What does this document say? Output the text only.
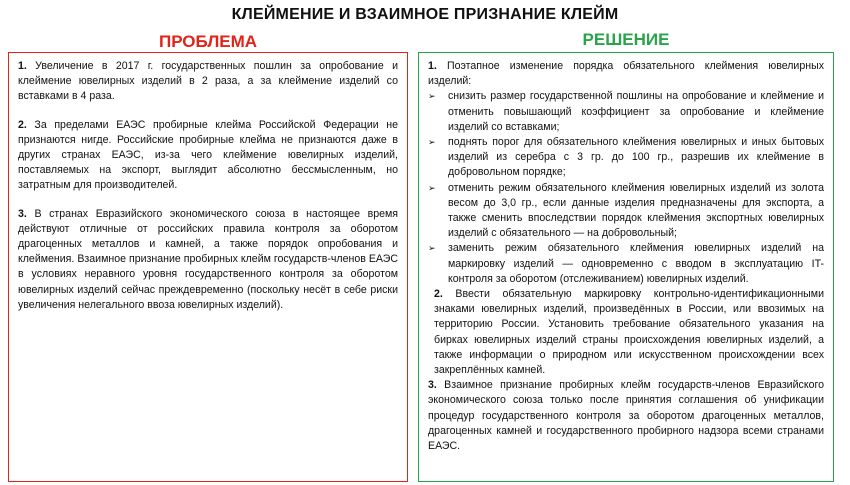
КЛЕЙМЕНИЕ И ВЗАИМНОЕ ПРИЗНАНИЕ КЛЕЙМ
ПРОБЛЕМА	РЕШЕНИЕ

1. Увеличение в 2017 г. государственных пошлин за опробование и клеймение ювелирных изделий в 2 раза, а за клеймение изделий со вставками в 4 раза.

2. За пределами ЕАЭС пробирные клейма Российской Федерации не признаются нигде. Российские пробирные клейма не признаются даже в других странах ЕАЭС, из-за чего клеймение ювелирных изделий, поставляемых на экспорт, выглядит абсолютно бессмысленным, но затратным для производителей.

3. В странах Евразийского экономического союза в настоящее время действуют отличные от российских правила контроля за оборотом драгоценных металлов и камней, а также порядок опробования и клеймения. Взаимное признание пробирных клейм государств-членов ЕАЭС в условиях неравного уровня государственного контроля за оборотом ювелирных изделий сейчас преждевременно (поскольку несёт в себе риски увеличения нелегального ввоза ювелирных изделий).

1. Поэтапное изменение порядка обязательного клеймения ювелирных изделий:

➢ снизить размер государственной пошлины на опробование и клеймение и отменить повышающий коэффициент за опробование и клеймение изделий со вставками;

➢ поднять порог для обязательного клеймения ювелирных и иных бытовых изделий из серебра с 3 гр. до 100 гр., разрешив их клеймение в добровольном порядке;

➢ отменить режим обязательного клеймения ювелирных изделий из золота весом до 3,0 гр., если данные изделия предназначены для экспорта, а также сменить впоследствии порядок клеймения экспортных ювелирных изделий с обязательного — на добровольный;

➢ заменить режим обязательного клеймения ювелирных изделий на маркировку изделий — одновременно с вводом в эксплуатацию IT-контроля за оборотом (отслеживанием) ювелирных изделий.

2. Ввести обязательную маркировку контрольно-идентификационными знаками ювелирных изделий, произведённых в России, или ввозимых на территорию России. Установить требование обязательного указания на бирках ювелирных изделий страны происхождения ювелирных изделий, а также информации о природном или искусственном происхождении всех закреплённых камней.

3. Взаимное признание пробирных клейм государств-членов Евразийского экономического союза только после принятия соглашения об унификации процедур государственного контроля за оборотом драгоценных металлов, драгоценных камней и государственного пробирного надзора всеми странами ЕАЭС.
